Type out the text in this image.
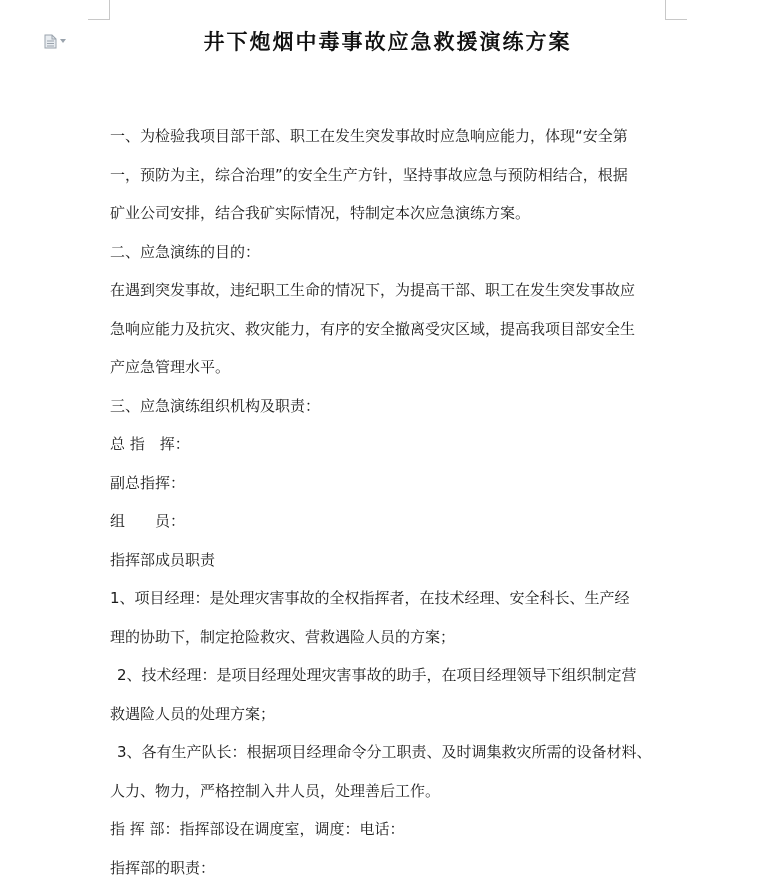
井下炮烟中毒事故应急救援演练方案
一、为检验我项目部干部、职工在发生突发事故时应急响应能力，体现“安全第
一，预防为主，综合治理”的安全生产方针，坚持事故应急与预防相结合，根据
矿业公司安排，结合我矿实际情况，特制定本次应急演练方案。
二、应急演练的目的：
在遇到突发事故，违纪职工生命的情况下，为提高干部、职工在发生突发事故应
急响应能力及抗灾、救灾能力，有序的安全撤离受灾区域，提高我项目部安全生
产应急管理水平。
三、应急演练组织机构及职责：
总 指　挥：
副总指挥：
组　　员：
指挥部成员职责
1、项目经理：是处理灾害事故的全权指挥者，在技术经理、安全科长、生产经
理的协助下，制定抢险救灾、营救遇险人员的方案；
2、技术经理：是项目经理处理灾害事故的助手，在项目经理领导下组织制定营
救遇险人员的处理方案；
3、各有生产队长：根据项目经理命令分工职责、及时调集救灾所需的设备材料、
人力、物力，严格控制入井人员，处理善后工作。
指 挥 部：指挥部设在调度室，调度：电话：
指挥部的职责：
